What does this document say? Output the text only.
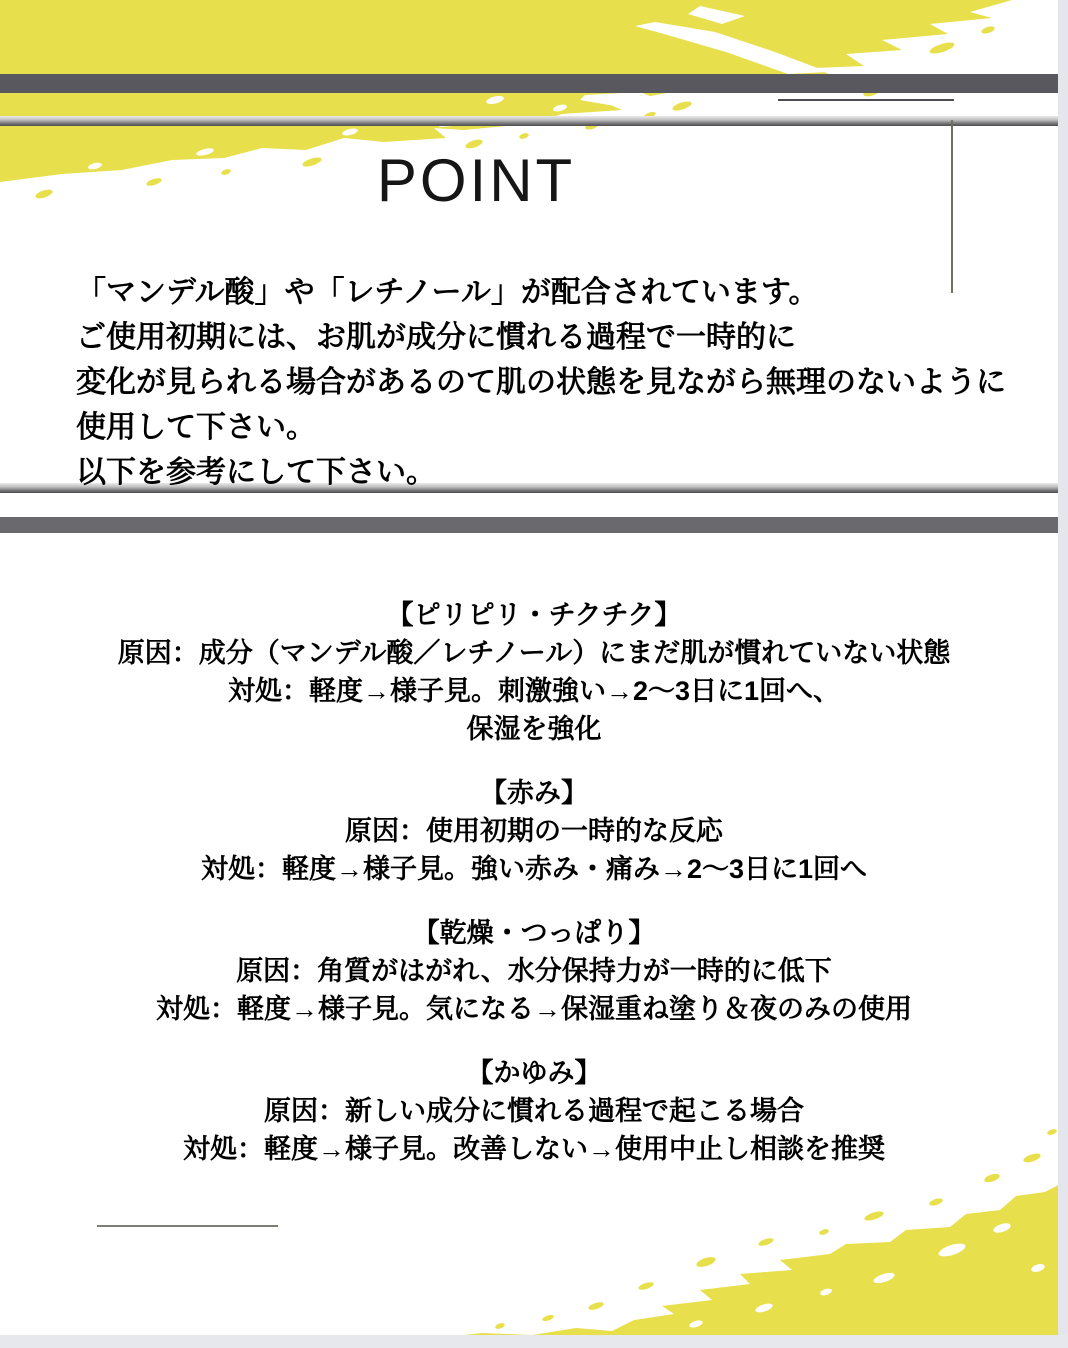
POINT
「マンデル酸」や「レチノール」が配合されています。
ご使用初期には、お肌が成分に慣れる過程で一時的に
変化が見られる場合があるのて肌の状態を見ながら無理のないように
使用して下さい。
以下を参考にして下さい。
【ピリピリ・チクチク】
原因：成分（マンデル酸／レチノール）にまだ肌が慣れていない状態
対処：軽度→様子見。刺激強い→2〜3日に1回へ、
保湿を強化
【赤み】
原因：使用初期の一時的な反応
対処：軽度→様子見。強い赤み・痛み→2〜3日に1回へ
【乾燥・つっぱり】
原因：角質がはがれ、水分保持力が一時的に低下
対処：軽度→様子見。気になる→保湿重ね塗り＆夜のみの使用
【かゆみ】
原因：新しい成分に慣れる過程で起こる場合
対処：軽度→様子見。改善しない→使用中止し相談を推奨
